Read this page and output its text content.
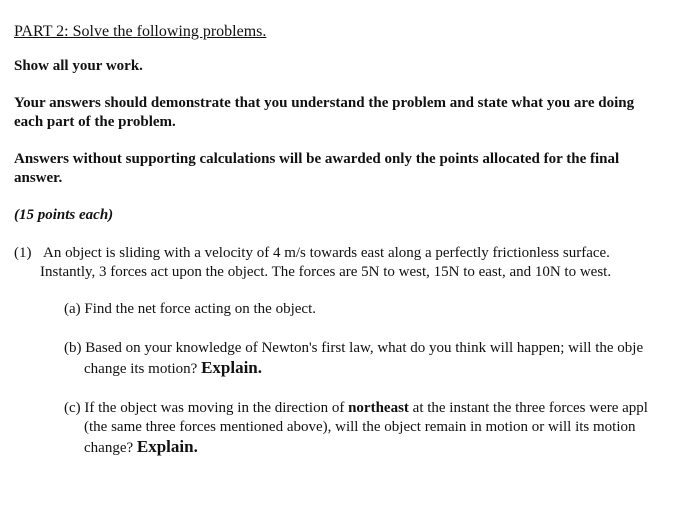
PART 2: Solve the following problems.
Show all your work.
Your answers should demonstrate that you understand the problem and state what you are doing
each part of the problem.
Answers without supporting calculations will be awarded only the points allocated for the final
answer.
(15 points each)
(1) An object is sliding with a velocity of 4 m/s towards east along a perfectly frictionless surface.
Instantly, 3 forces act upon the object. The forces are 5N to west, 15N to east, and 10N to west.
(a) Find the net force acting on the object.
(b) Based on your knowledge of Newton's first law, what do you think will happen; will the obje
change its motion? Explain.
(c) If the object was moving in the direction of northeast at the instant the three forces were appl
(the same three forces mentioned above), will the object remain in motion or will its motion
change? Explain.
